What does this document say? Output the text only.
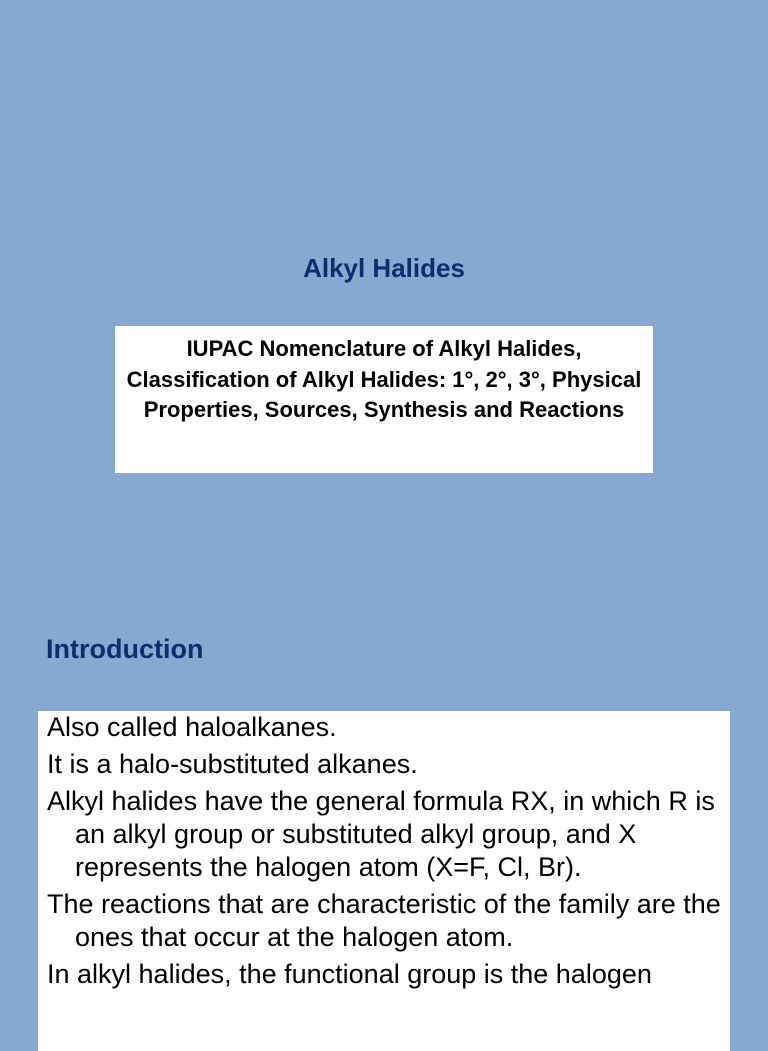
Alkyl Halides
IUPAC Nomenclature of Alkyl Halides, Classification of Alkyl Halides: 1°, 2°, 3°, Physical Properties, Sources, Synthesis and Reactions
Introduction
Also called haloalkanes.
It is a halo-substituted alkanes.
Alkyl halides have the general formula RX, in which R is an alkyl group or substituted alkyl group, and X represents the halogen atom (X=F, Cl, Br).
The reactions that are characteristic of the family are the ones that occur at the halogen atom.
In alkyl halides, the functional group is the halogen
